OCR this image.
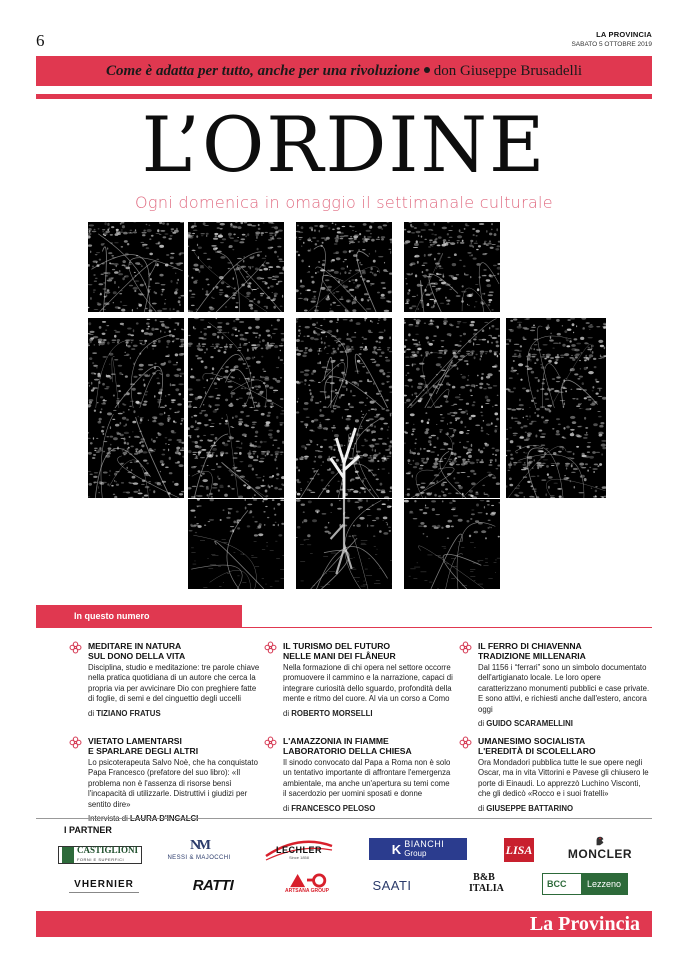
6	LA PROVINCIA
SABATO 5 OTTOBRE 2019
Come è adatta per tutto, anche per una rivoluzione don Giuseppe Brusadelli
L’ORDINE
Ogni domenica in omaggio il settimanale culturale
In questo numero
MEDITARE IN NATURA
SUL DONO DELLA VITA
Disciplina, studio e meditazione: tre parole chiave nella pratica quotidiana di un autore che cerca la propria via per avvicinare Dio con preghiere fatte di foglie, di semi e del cinguettio degli uccelli
di TIZIANO FRATUS
IL TURISMO DEL FUTURO
NELLE MANI DEI FLÂNEUR
Nella formazione di chi opera nel settore occorre promuovere il cammino e la narrazione, capaci di integrare curiosità dello sguardo, profondità della mente e ritmo del cuore. Al via un corso a Como
di ROBERTO MORSELLI
IL FERRO DI CHIAVENNA
TRADIZIONE MILLENARIA
Dal 1156 i “ferrari” sono un simbolo documentato dell'artigianato locale. Le loro opere caratterizzano monumenti pubblici e case private. E sono attivi, e richiesti anche dall'estero, ancora oggi
di GUIDO SCARAMELLINI
VIETATO LAMENTARSI
E SPARLARE DEGLI ALTRI
Lo psicoterapeuta Salvo Noè, che ha conquistato Papa Francesco (prefatore del suo libro): «Il problema non è l'assenza di risorse bensì l'incapacità di utilizzarle. Distruttivi i giudizi per sentito dire»
L'AMAZZONIA IN FIAMME
LABORATORIO DELLA CHIESA
Il sinodo convocato dal Papa a Roma non è solo un tentativo importante di affrontare l'emergenza ambientale, ma anche un'apertura su temi come il sacerdozio per uomini sposati e donne
di FRANCESCO PELOSO
UMANESIMO SOCIALISTA
L'EREDITÀ DI SCOLELLARO
Ora Mondadori pubblica tutte le sue opere negli Oscar, ma in vita Vittorini e Pavese gli chiusero le porte di Einaudi. Lo apprezzò Luchino Visconti, che gli dedicò «Rocco e i suoi fratelli»
di GIUSEPPE BATTARINO
I PARTNER
CASTIGLIONI
FORNI E SUPERFICI
N M
NESSI & MAJOCCHI
LECHLER
Since 1858
K BIANCHI
Group	LISA	MONCLER
VHERNIER	RATTI	ARTSANA GROUP	SAATI	B&B ITALIA	BCC	Lezzeno
La Provincia
